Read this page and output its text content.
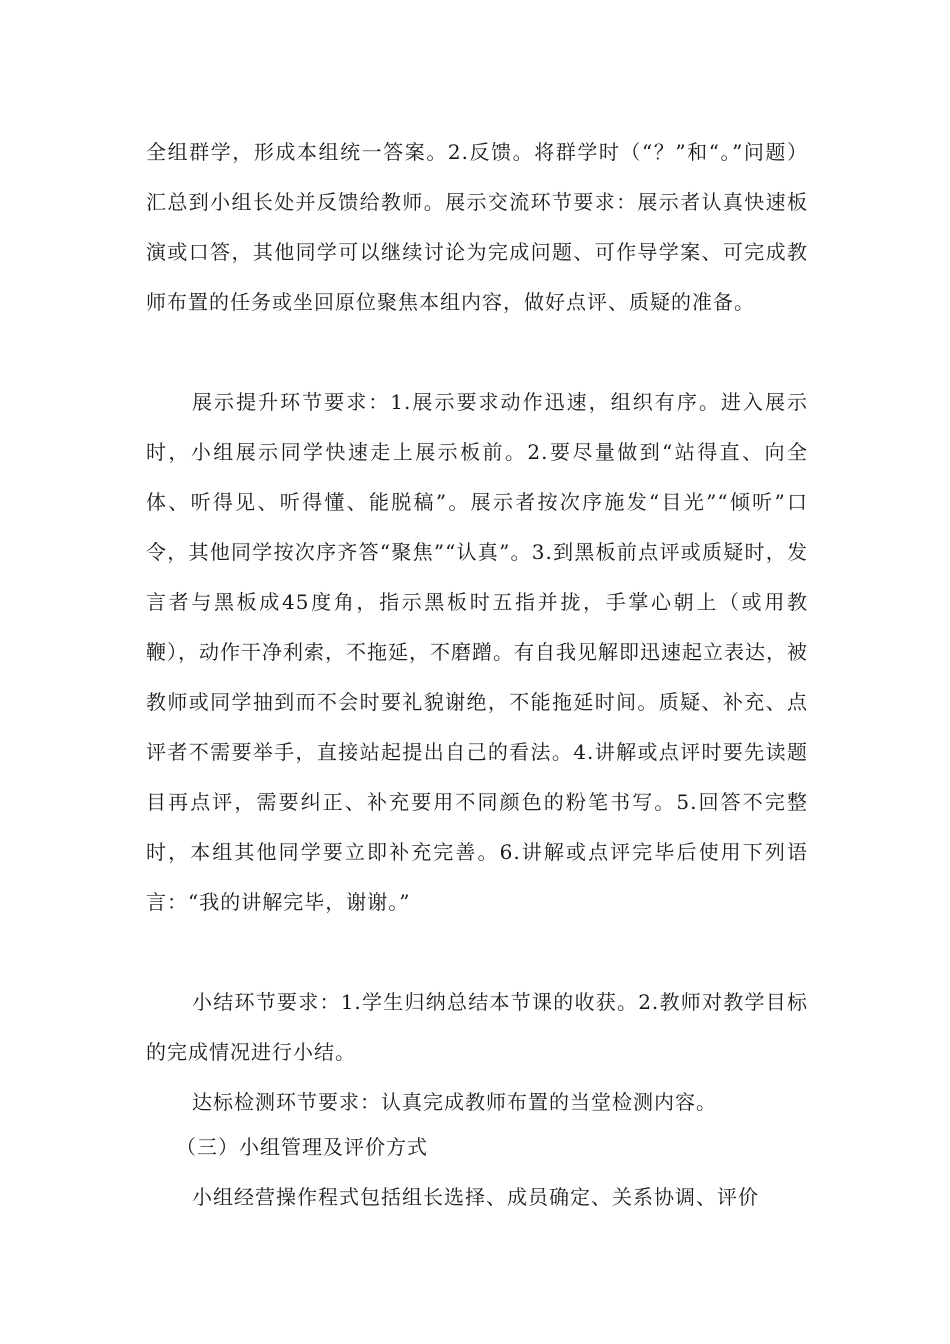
全组群学，形成本组统一答案。2.反馈。将群学时（“？”和“。”问题）汇总到小组长处并反馈给教师。展示交流环节要求：展示者认真快速板演或口答，其他同学可以继续讨论为完成问题、可作导学案、可完成教师布置的任务或坐回原位聚焦本组内容，做好点评、质疑的准备。

展示提升环节要求：1.展示要求动作迅速，组织有序。进入展示时，小组展示同学快速走上展示板前。2.要尽量做到“站得直、向全体、听得见、听得懂、能脱稿”。展示者按次序施发“目光”“倾听”口令，其他同学按次序齐答“聚焦”“认真”。3.到黑板前点评或质疑时，发言者与黑板成45度角，指示黑板时五指并拢，手掌心朝上（或用教鞭），动作干净利索，不拖延，不磨蹭。有自我见解即迅速起立表达，被教师或同学抽到而不会时要礼貌谢绝，不能拖延时间。质疑、补充、点评者不需要举手，直接站起提出自己的看法。4.讲解或点评时要先读题目再点评，需要纠正、补充要用不同颜色的粉笔书写。5.回答不完整时，本组其他同学要立即补充完善。6.讲解或点评完毕后使用下列语言：“我的讲解完毕，谢谢。”

小结环节要求：1.学生归纳总结本节课的收获。2.教师对教学目标的完成情况进行小结。

达标检测环节要求：认真完成教师布置的当堂检测内容。

（三）小组管理及评价方式

小组经营操作程式包括组长选择、成员确定、关系协调、评价
